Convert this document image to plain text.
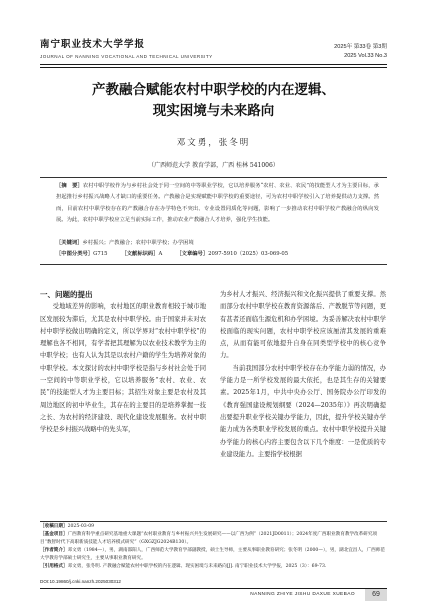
南宁职业技术大学学报	2025年 第33卷 第3期
JOURNAL OF NANNING VOCATIONAL AND TECHNICAL UNIVERSITY	2025 Vol.33 No.3
产教融合赋能农村中职学校的内在逻辑、
现实困境与未来路向
邓文勇，张冬明
（广西师范大学 教育学部，广西 桂林 541006）
［摘　要］农村中职学校作为与乡村社会处于同一空间的中等职业学校，它以培养服务“农村、农业、农民”的技能型人才为主要目标，承担起推行乡村振兴战略人才缺口的重要任务。产教融合是实现赋能中职学校的重要途径，可为农村中职学校引入了培养提供动力支撑。然而，目前农村中职学校存在的产教融合存在办学特色不突出、专业设置同质化等问题，影响了一步推动农村中职学校产教融合的纵向发展。为此，农村中职学校应立足当前实际工作，推动农业产教融合人才培养，强化学生技能。
［关键词］乡村振兴；产教融合；农村中职学校；办学困境
［中图分类号］G715	［文献标识码］A	［文章编号］2097-5910（2025）03-069-05

一、问题的提出

受地域差异的影响，农村地区的职业教育相较于城市地区发展较为滞后，尤其是农村中职学校。由于国家并未对农村中职学校做出明确的定义，所以学界对“农村中职学校”的理解也各不相同，有学者把其理解为以农业技术教学为主的中职学校；也有人认为其是以农村户籍的学生为培养对象的中职学校。本文探讨的农村中职学校是指与乡村社会处于同一空间的中等职业学校，它以培养服务“农村、农业、农民”的技能型人才为主要目标；其招生对象主要是农村及其周边地区的初中毕业生，其存在的主要目的是培养掌握一技之长、为农村的经济建设、现代化建设发展服务。农村中职学校是乡村振兴战略中的先头军，

为乡村人才振兴、经济振兴和文化振兴提供了重要支撑。然而部分农村中职学校在教育资源落后、产教脱节等问题，更有甚者还面临生源危机和办学困境。为妥善解决农村中职学校面临的现实问题，农村中职学校应该厘清其发展的重难点，从而有能可依地提升自身在同类型学校中的核心竞争力。

当前我国部分农村中职学校存在办学能力弱的情况，办学能力是一所学校发展的最大依托，也是其生存的关键要素。2025年1月，中共中央办公厅、国务院办公厅印发的《教育强国建设规划纲要（2024—2035年）》再次明确提出要提升职业学校关键办学能力，因此，提升学校关键办学能力成为各类职业学校发展的重点。农村中职学校提升关键办学能力的核心内容主要包含以下几个维度：一是优质的专业建设能力。主要指学校根据

［收稿日期］2025-03-09
［基金项目］广西教育科学重点研究基地重大课题“农村职业教育与乡村振兴共生发展研究——以广西为例”（2021JD0011）；2024年度广西职业教育教学改革研究项目“数智时代下高职新质技能人才培养模式研究”（GXGZJG2024B130）。
［作者简介］邓文勇（1984—），男，湖南邵阳人，广西师范大学教育学部副教授，硕士生导师，主要从事职业教育研究；张冬明（2000—），男，湖北宜昌人，广西师范大学教育学部硕士研究生，主要从事职业教育研究。
［引用格式］邓文勇，张冬明. 产教融合赋能农村中职学校的内在逻辑、现实困境与未来路向[J]. 南宁职业技术大学学报，2025（3）：69-73.
DOI:10.19860/j.cnki.nanzh.2025030312
NANNING ZHIYE JISHU DAXUE XUEBAO	69
